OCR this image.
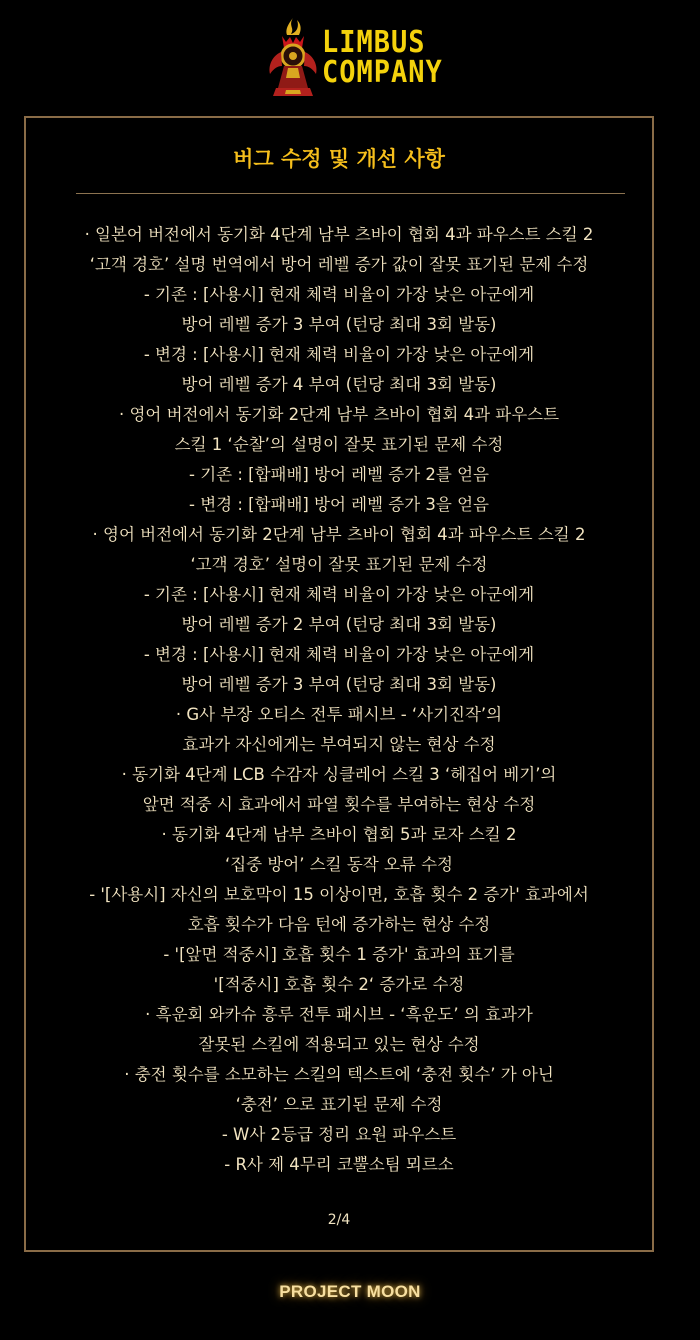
LIMBUS
COMPANY
버그 수정 및 개선 사항
· 일본어 버전에서 동기화 4단계 남부 츠바이 협회 4과 파우스트 스킬 2
‘고객 경호’ 설명 번역에서 방어 레벨 증가 값이 잘못 표기된 문제 수정
- 기존 : [사용시] 현재 체력 비율이 가장 낮은 아군에게
방어 레벨 증가 3 부여 (턴당 최대 3회 발동)
- 변경 : [사용시] 현재 체력 비율이 가장 낮은 아군에게
방어 레벨 증가 4 부여 (턴당 최대 3회 발동)
· 영어 버전에서 동기화 2단계 남부 츠바이 협회 4과 파우스트
스킬 1 ‘순찰’의 설명이 잘못 표기된 문제 수정
- 기존 : [합패배] 방어 레벨 증가 2를 얻음
- 변경 : [합패배] 방어 레벨 증가 3을 얻음
· 영어 버전에서 동기화 2단계 남부 츠바이 협회 4과 파우스트 스킬 2
‘고객 경호’ 설명이 잘못 표기된 문제 수정
- 기존 : [사용시] 현재 체력 비율이 가장 낮은 아군에게
방어 레벨 증가 2 부여 (턴당 최대 3회 발동)
- 변경 : [사용시] 현재 체력 비율이 가장 낮은 아군에게
방어 레벨 증가 3 부여 (턴당 최대 3회 발동)
· G사 부장 오티스 전투 패시브 - ‘사기진작’의
효과가 자신에게는 부여되지 않는 현상 수정
· 동기화 4단계 LCB 수감자 싱클레어 스킬 3 ‘헤집어 베기’의
앞면 적중 시 효과에서 파열 횟수를 부여하는 현상 수정
· 동기화 4단계 남부 츠바이 협회 5과 로자 스킬 2
‘집중 방어’ 스킬 동작 오류 수정
- '[사용시] 자신의 보호막이 15 이상이면, 호흡 횟수 2 증가' 효과에서
호흡 횟수가 다음 턴에 증가하는 현상 수정
- '[앞면 적중시] 호흡 횟수 1 증가' 효과의 표기를
'[적중시] 호흡 횟수 2‘ 증가로 수정
· 흑운회 와카슈 흥루 전투 패시브 - ‘흑운도’ 의 효과가
잘못된 스킬에 적용되고 있는 현상 수정
· 충전 횟수를 소모하는 스킬의 텍스트에 ‘충전 횟수’ 가 아닌
‘충전’ 으로 표기된 문제 수정
- W사 2등급 정리 요원 파우스트
- R사 제 4무리 코뿔소팀 뫼르소
2/4
PROJECT MOON
